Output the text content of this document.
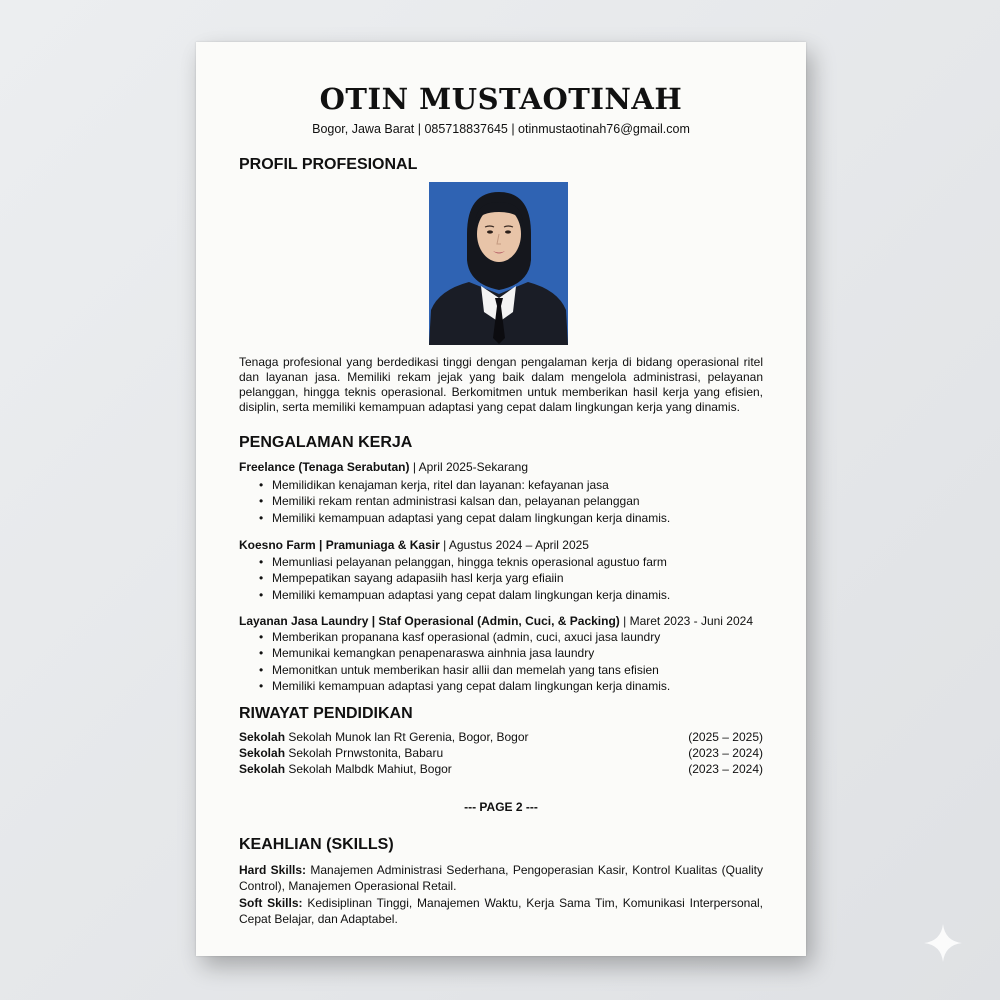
OTIN MUSTAOTINAH
Bogor, Jawa Barat | 085718837645 | otinmustaotinah76@gmail.com
PROFIL PROFESIONAL
Tenaga profesional yang berdedikasi tinggi dengan pengalaman kerja di bidang operasional ritel dan layanan jasa. Memiliki rekam jejak yang baik dalam mengelola administrasi, pelayanan pelanggan, hingga teknis operasional. Berkomitmen untuk memberikan hasil kerja yang efisien, disiplin, serta memiliki kemampuan adaptasi yang cepat dalam lingkungan kerja yang dinamis.
PENGALAMAN KERJA
Freelance (Tenaga Serabutan) | April 2025-Sekarang
• Memilidikan kenajaman kerja, ritel dan layanan: kefayanan jasa
• Memiliki rekam rentan administrasi kalsan dan, pelayanan pelanggan
• Memiliki kemampuan adaptasi yang cepat dalam lingkungan kerja dinamis.
Koesno Farm | Pramuniaga & Kasir | Agustus 2024 – April 2025
• Memunliasi pelayanan pelanggan, hingga teknis operasional agustuo farm
• Mempepatikan sayang adapasiih hasl kerja yarg efiaiin
• Memiliki kemampuan adaptasi yang cepat dalam lingkungan kerja dinamis.
Layanan Jasa Laundry | Staf Operasional (Admin, Cuci, & Packing) | Maret 2023 - Juni 2024
• Memberikan propanana kasf operasional (admin, cuci, axuci jasa laundry
• Memunikai kemangkan penapenaraswa ainhnia jasa laundry
• Memonitkan untuk memberikan hasir allii dan memelah yang tans efisien
• Memiliki kemampuan adaptasi yang cepat dalam lingkungan kerja dinamis.
RIWAYAT PENDIDIKAN
Sekolah Sekolah Munok lan Rt Gerenia, Bogor, Bogor	(2025 – 2025)
Sekolah Sekolah Prnwstonita, Babaru	(2023 – 2024)
Sekolah Sekolah Malbdk Mahiut, Bogor	(2023 – 2024)
--- PAGE 2 ---
KEAHLIAN (SKILLS)
Hard Skills: Manajemen Administrasi Sederhana, Pengoperasian Kasir, Kontrol Kualitas (Quality Control), Manajemen Operasional Retail.
Soft Skills: Kedisiplinan Tinggi, Manajemen Waktu, Kerja Sama Tim, Komunikasi Interpersonal, Cepat Belajar, dan Adaptabel.
